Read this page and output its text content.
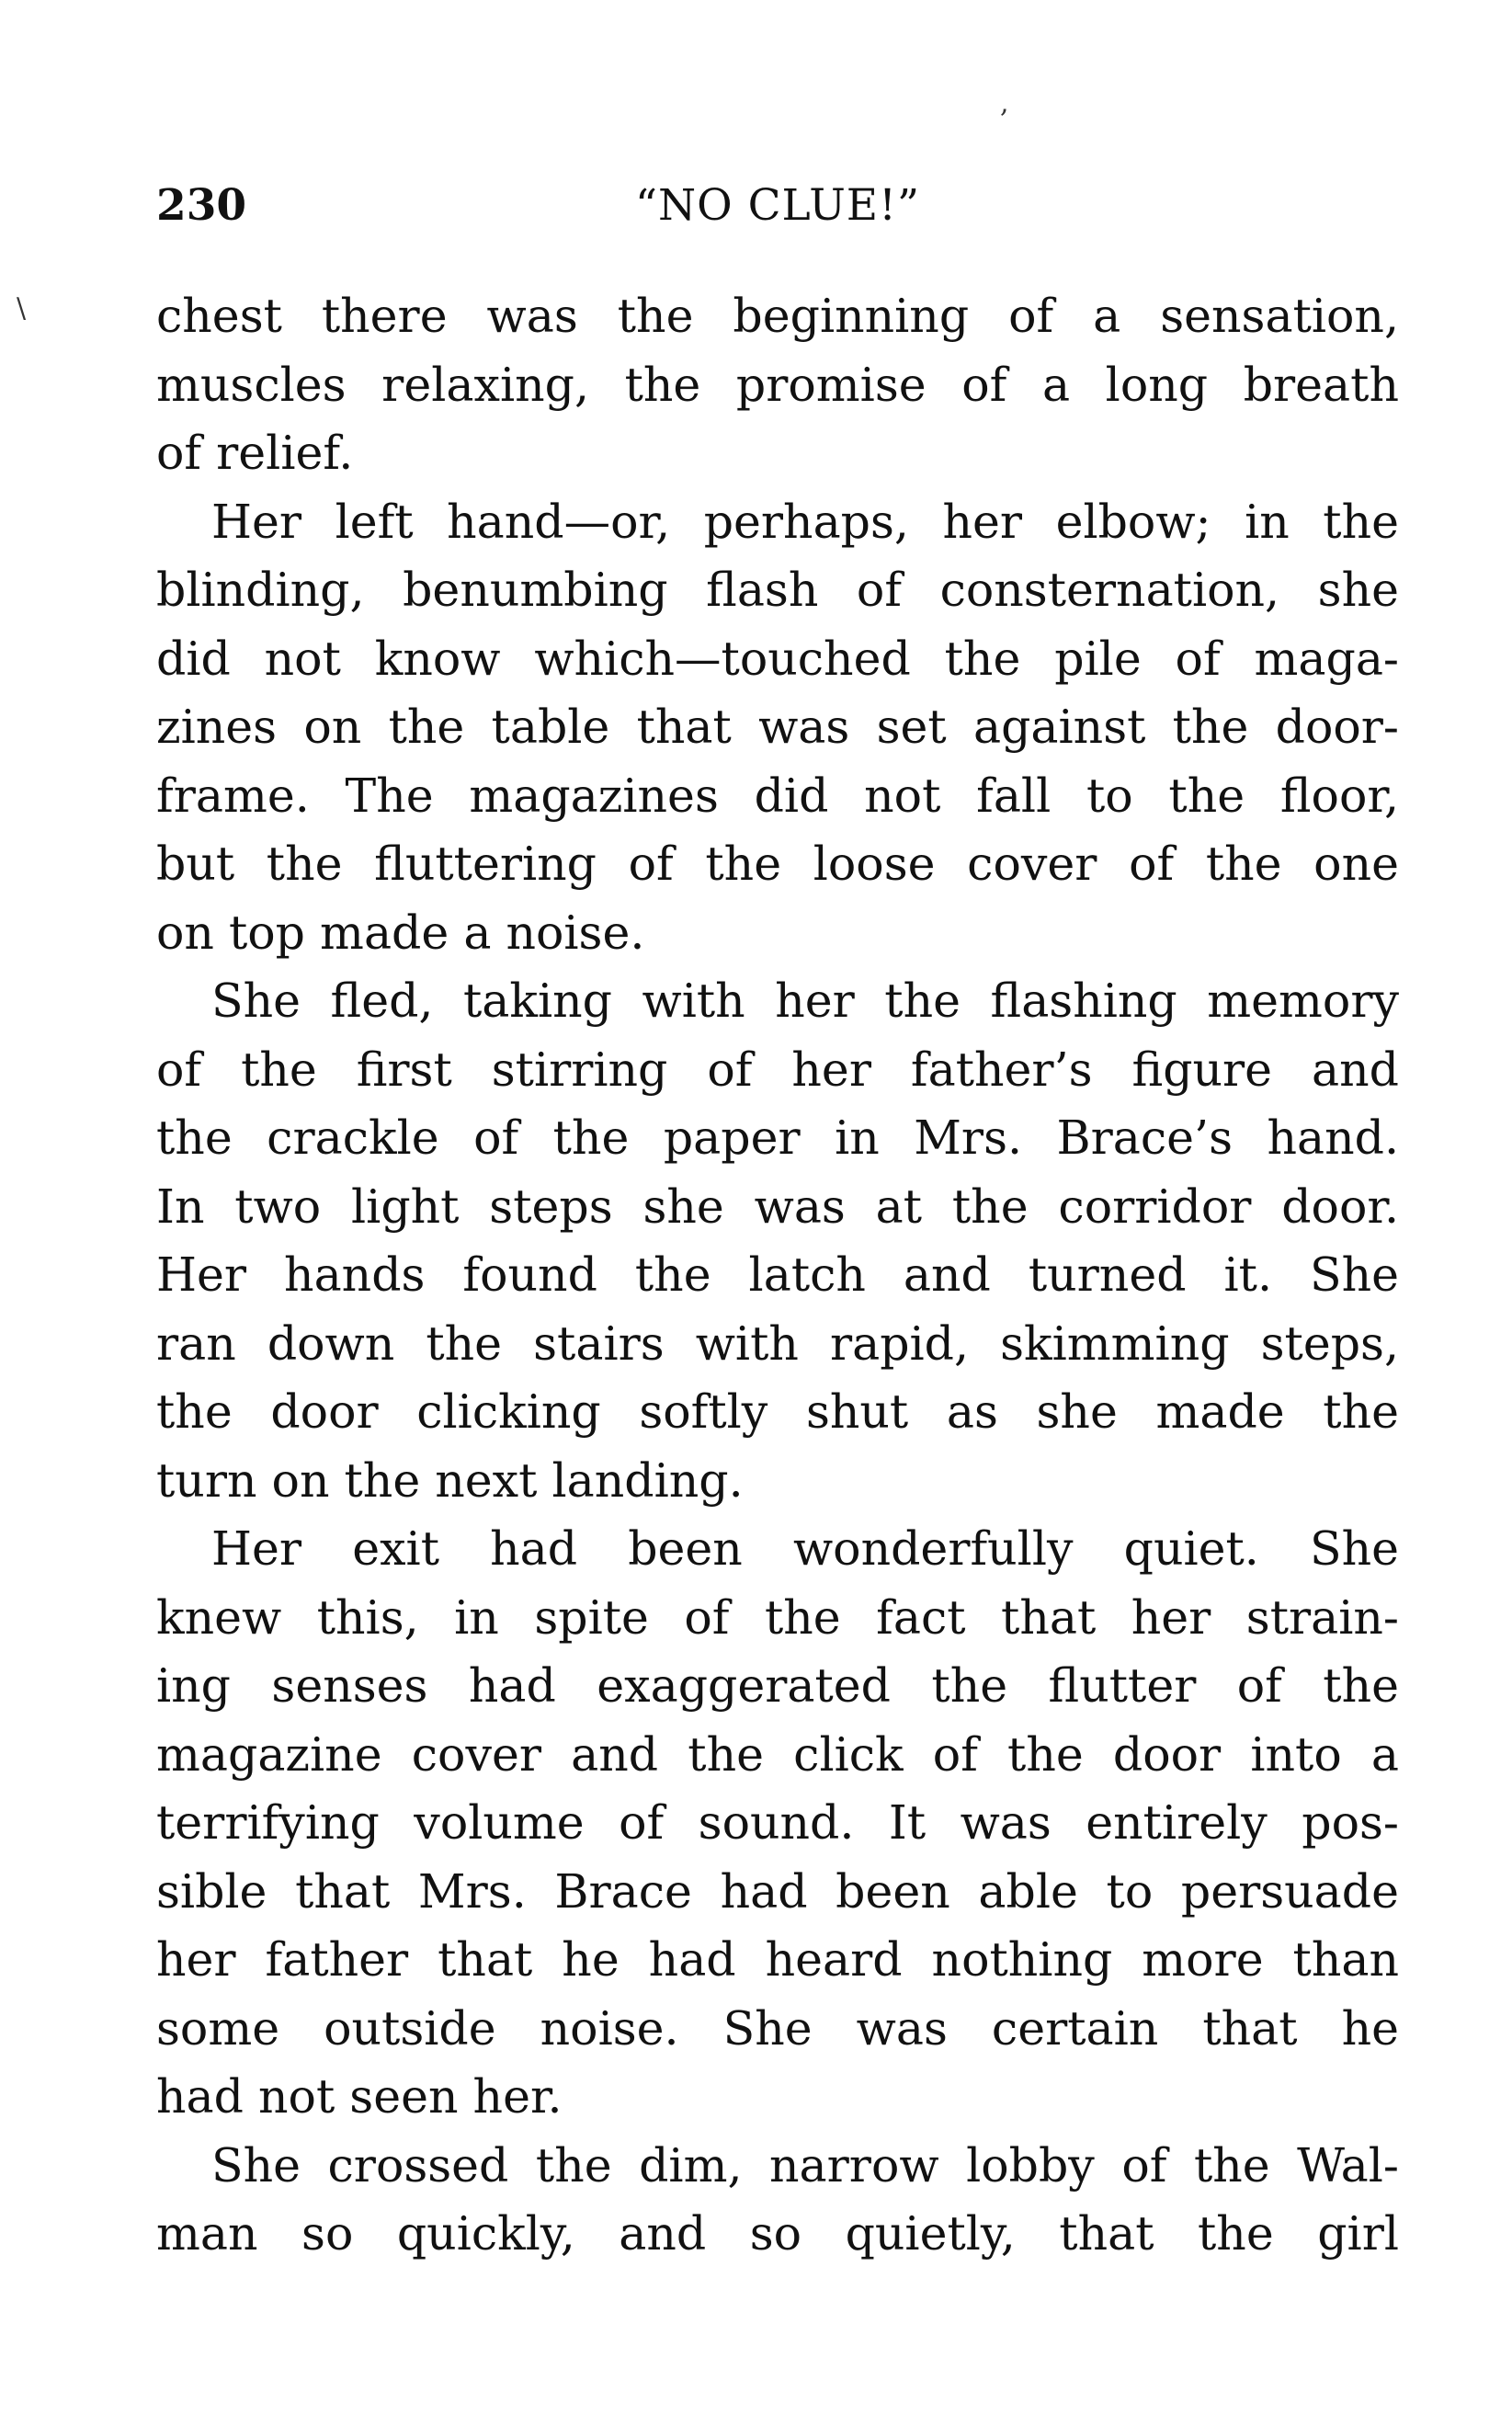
230	“NO CLUE!”
chest there was the beginning of a sensation,
muscles relaxing, the promise of a long breath
of relief.
Her left hand—or, perhaps, her elbow; in the
blinding, benumbing flash of consternation, she
did not know which—touched the pile of maga-
zines on the table that was set against the door-
frame. The magazines did not fall to the floor,
but the fluttering of the loose cover of the one
on top made a noise.
She fled, taking with her the flashing memory
of the first stirring of her father’s figure and
the crackle of the paper in Mrs. Brace’s hand.
In two light steps she was at the corridor door.
Her hands found the latch and turned it. She
ran down the stairs with rapid, skimming steps,
the door clicking softly shut as she made the
turn on the next landing.
Her exit had been wonderfully quiet. She
knew this, in spite of the fact that her strain-
ing senses had exaggerated the flutter of the
magazine cover and the click of the door into a
terrifying volume of sound. It was entirely pos-
sible that Mrs. Brace had been able to persuade
her father that he had heard nothing more than
some outside noise. She was certain that he
had not seen her.
She crossed the dim, narrow lobby of the Wal-
man so quickly, and so quietly, that the girl
,
\
